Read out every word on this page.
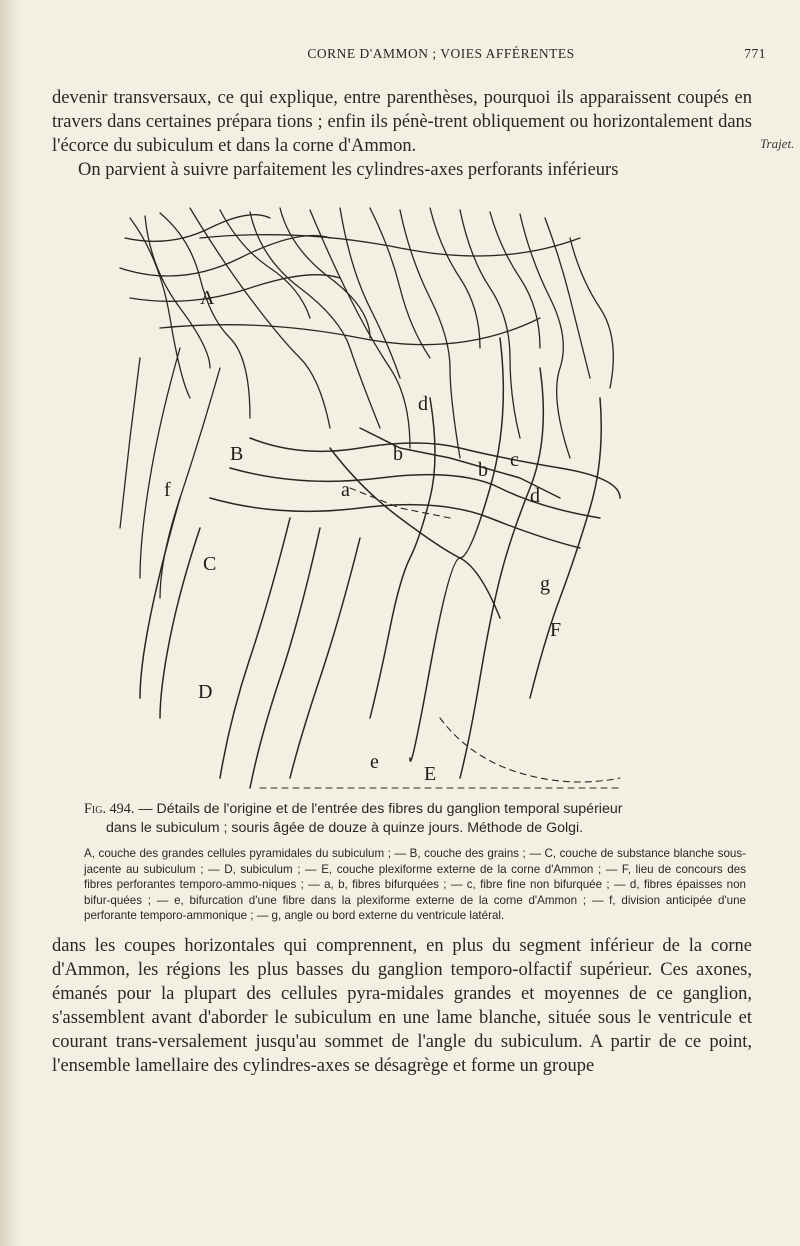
CORNE D'AMMON ; VOIES AFFÉRENTES	771

devenir transversaux, ce qui explique, entre parenthèses, pourquoi ils apparaissent coupés en travers dans certaines prépara tions ; enfin ils pénè-trent obliquement ou horizontalement dans l'écorce du subiculum et dans la corne d'Ammon.

On parvient à suivre parfaitement les cylindres-axes perforants inférieurs

Trajet.
A
B
C
D
E
F
a
b
b c
d
d
e
f
g

Fig. 494. — Détails de l'origine et de l'entrée des fibres du ganglion temporal supérieur
dans le subiculum ; souris âgée de douze à quinze jours. Méthode de Golgi.

A, couche des grandes cellules pyramidales du subiculum ; — B, couche des grains ; — C, couche de substance blanche sous-jacente au subiculum ; — D, subiculum ; — E, couche plexiforme externe de la corne d'Ammon ; — F, lieu de concours des fibres perforantes temporo-ammo-niques ; — a, b, fibres bifurquées ; — c, fibre fine non bifurquée ; — d, fibres épaisses non bifur-quées ; — e, bifurcation d'une fibre dans la plexiforme externe de la corne d'Ammon ; — f, division anticipée d'une perforante temporo-ammonique ; — g, angle ou bord externe du ventricule latéral.

dans les coupes horizontales qui comprennent, en plus du segment inférieur de la corne d'Ammon, les régions les plus basses du ganglion temporo-olfactif supérieur. Ces axones, émanés pour la plupart des cellules pyra-midales grandes et moyennes de ce ganglion, s'assemblent avant d'aborder le subiculum en une lame blanche, située sous le ventricule et courant trans-versalement jusqu'au sommet de l'angle du subiculum. A partir de ce point, l'ensemble lamellaire des cylindres-axes se désagrège et forme un groupe
